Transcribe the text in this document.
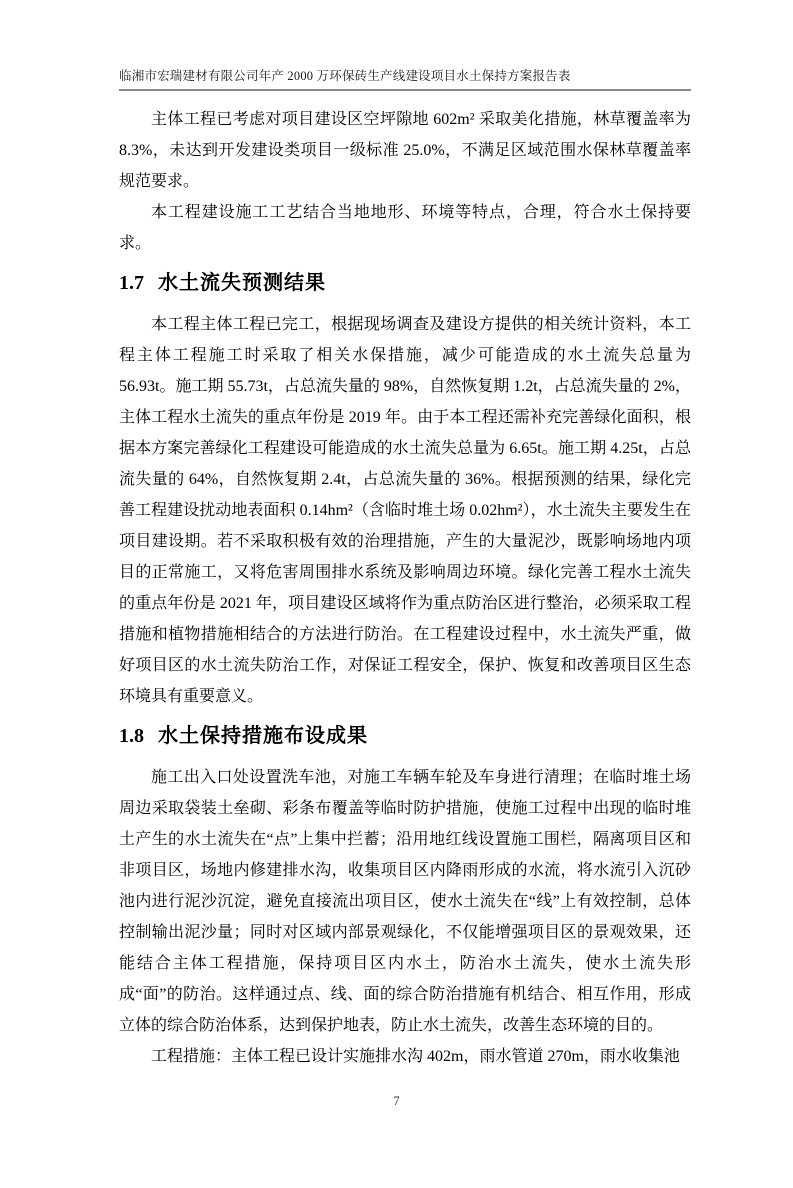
临湘市宏瑞建材有限公司年产 2000 万环保砖生产线建设项目水土保持方案报告表

主体工程已考虑对项目建设区空坪隙地 602m² 采取美化措施，林草覆盖率为 8.3%，未达到开发建设类项目一级标准 25.0%，不满足区域范围水保林草覆盖率规范要求。

本工程建设施工工艺结合当地地形、环境等特点，合理，符合水土保持要求。

1.7 水土流失预测结果

本工程主体工程已完工，根据现场调查及建设方提供的相关统计资料，本工程主体工程施工时采取了相关水保措施，减少可能造成的水土流失总量为 56.93t。施工期 55.73t，占总流失量的 98%，自然恢复期 1.2t，占总流失量的 2%，主体工程水土流失的重点年份是 2019 年。由于本工程还需补充完善绿化面积，根据本方案完善绿化工程建设可能造成的水土流失总量为 6.65t。施工期 4.25t，占总流失量的 64%，自然恢复期 2.4t，占总流失量的 36%。根据预测的结果，绿化完善工程建设扰动地表面积 0.14hm²（含临时堆土场 0.02hm²），水土流失主要发生在项目建设期。若不采取积极有效的治理措施，产生的大量泥沙，既影响场地内项目的正常施工，又将危害周围排水系统及影响周边环境。绿化完善工程水土流失的重点年份是 2021 年，项目建设区域将作为重点防治区进行整治，必须采取工程措施和植物措施相结合的方法进行防治。在工程建设过程中，水土流失严重，做好项目区的水土流失防治工作，对保证工程安全，保护、恢复和改善项目区生态环境具有重要意义。

1.8 水土保持措施布设成果

施工出入口处设置洗车池，对施工车辆车轮及车身进行清理；在临时堆土场周边采取袋装土垒砌、彩条布覆盖等临时防护措施，使施工过程中出现的临时堆土产生的水土流失在“点”上集中拦蓄；沿用地红线设置施工围栏，隔离项目区和非项目区，场地内修建排水沟，收集项目区内降雨形成的水流，将水流引入沉砂池内进行泥沙沉淀，避免直接流出项目区，使水土流失在“线”上有效控制，总体控制输出泥沙量；同时对区域内部景观绿化，不仅能增强项目区的景观效果，还能结合主体工程措施，保持项目区内水土，防治水土流失，使水土流失形成“面”的防治。这样通过点、线、面的综合防治措施有机结合、相互作用，形成立体的综合防治体系，达到保护地表，防止水土流失，改善生态环境的目的。

工程措施：主体工程已设计实施排水沟 402m，雨水管道 270m，雨水收集池

7
